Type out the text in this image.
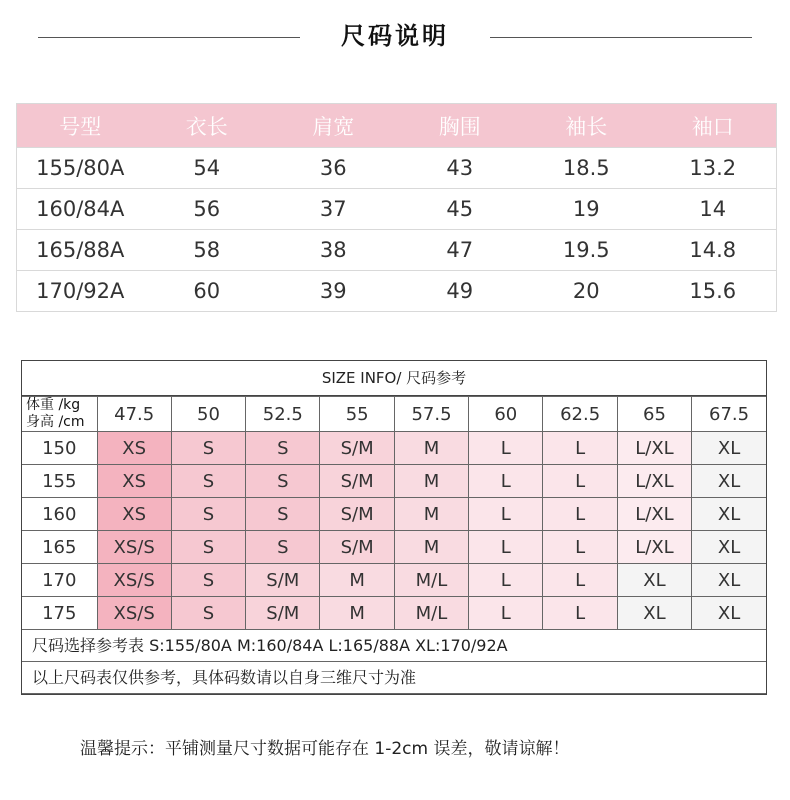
尺码说明
号型	衣长	肩宽	胸围	袖长	袖口
155/80A	54	36	43	18.5	13.2
160/84A	56	37	45	19	14
165/88A	58	38	47	19.5	14.8
170/92A	60	39	49	20	15.6
SIZE INFO/ 尺码参考
体重 /kg
身高 /cm	47.5	50	52.5	55	57.5	60	62.5	65	67.5
150	XS	S	S	S/M	M	L	L	L/XL	XL
155	XS	S	S	S/M	M	L	L	L/XL	XL
160	XS	S	S	S/M	M	L	L	L/XL	XL
165	XS/S	S	S	S/M	M	L	L	L/XL	XL
170	XS/S	S	S/M	M	M/L	L	L	XL	XL
175	XS/S	S	S/M	M	M/L	L	L	XL	XL
尺码选择参考表 S:155/80A M:160/84A L:165/88A XL:170/92A									
以上尺码表仅供参考，具体码数请以自身三维尺寸为准									
温馨提示：平铺测量尺寸数据可能存在 1-2cm 误差，敬请谅解！
